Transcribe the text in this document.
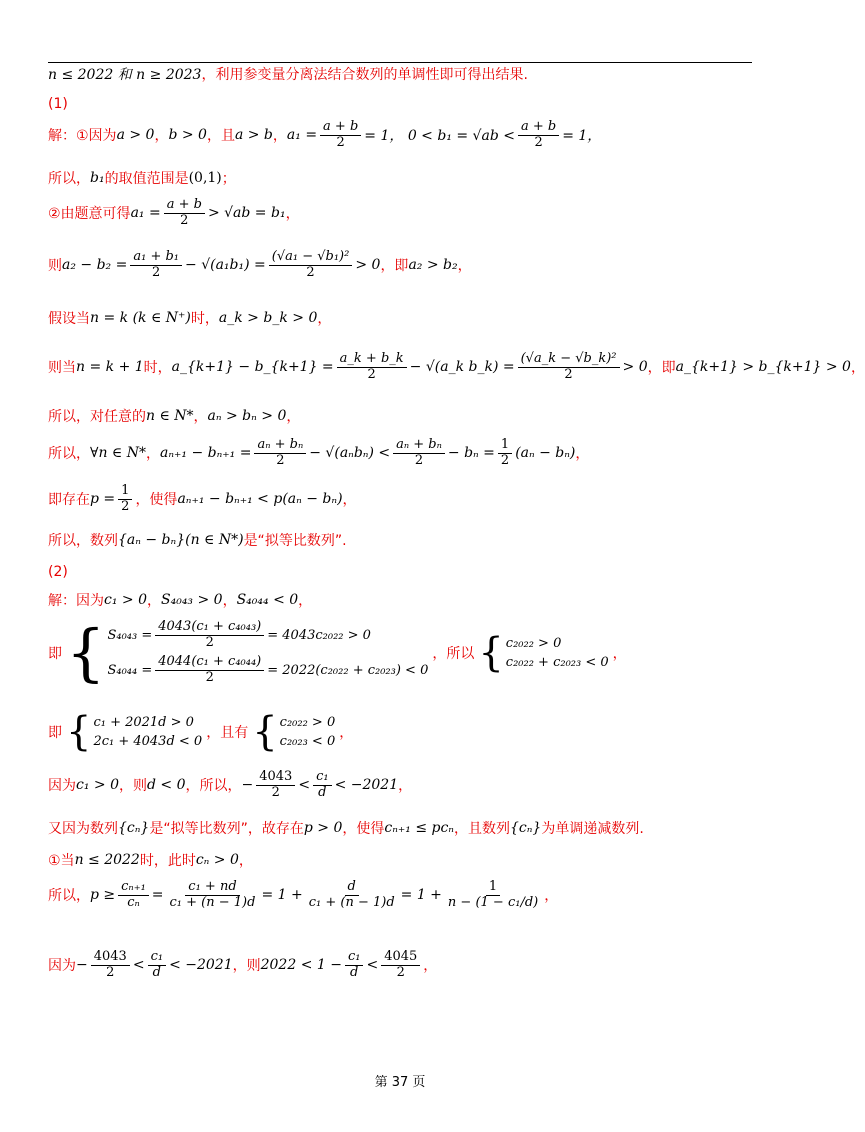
n ≤ 2022 和 n ≥ 2023 ，利用参变量分离法结合数列的单调性即可得出结果.
(1)
解：①因为 a > 0 ， b > 0 ，且 a > b ， $a_1 = \frac{a + b}{2} = 1$， $0 < b_1 = √ab < \frac{a + b}{2} = 1$，
所以， b₁ 的取值范围是 (0,1) ；
②由题意可得 $a_1 = \frac{a + b}{2} > √ab = b_1$ ，
则 $a_2 - b_2 = \frac{\text{a₁ + b₁}}{2} - √(a_1b_1) = \frac{\text{(√a₁ − √b₁)²}}{2} > 0$ ，即 a₂ > b₂ ，
假设当 n = k (k ∈ N⁺) 时， a_k > b_k > 0 ，
则当 n = k + 1 时， a_{k+1} − b_{k+1} = $\frac{a\_k + b\_k}{2}$ − √(a_k b_k) = $\frac{\text{(√a\_k − √b\_k)²}}{2} > 0$ ，即 a_{k+1} > b_{k+1} > 0 ，
所以，对任意的 n ∈ N* ， aₙ > bₙ > 0 ，
所以， ∀n ∈ N* ， $a_{n+1} - b_{n+1} = \frac{\text{aₙ + bₙ}}{2} - √(a_nb_n) < \frac{\text{aₙ + bₙ}}{2} - b_n = \frac{1}{2} (a_n - b_n)$ ，
即存在 $p = \frac{1}{2}$ ，使得 aₙ₊₁ − bₙ₊₁ < p(aₙ − bₙ) ，
所以，数列 {aₙ − bₙ}(n ∈ N*) 是“拟等比数列”.
(2)
解：因为 c₁ > 0 ， S₄₀₄₃ > 0 ， S₄₀₄₄ < 0 ，
即 { $S_{4043} = \frac{\text{4043(c₁ + c₄₀₄₃)}}{2} = 4043c_{2022} > 0$
$S_{4044} = \frac{\text{4044(c₁ + c₄₀₄₄)}}{2} = 2022(c_{2022} + c_{2023}) < 0$
，所以 { c₂₀₂₂ > 0
c₂₀₂₂ + c₂₀₂₃ < 0
，
即 { c₁ + 2021d > 0
2c₁ + 4043d < 0
，且有 { c₂₀₂₂ > 0
c₂₀₂₃ < 0
，
因为 c₁ > 0 ，则 d < 0 ，所以， − $\frac{4043}{2} < \frac{\text{c₁}}{d} < -2021$ ，
又因为数列 {cₙ} 是“拟等比数列”，故存在 p > 0 ，使得 cₙ₊₁ ≤ pcₙ ，且数列 {cₙ} 为单调递减数列.
①当 n ≤ 2022 时，此时 cₙ > 0 ，
所以， $p \ge \frac{\text{cₙ₊₁}}{\text{cₙ}} = \frac{\text{c₁ + nd}}{\text{c₁ + (n − 1)d}} = 1 + \frac{d}{\text{c₁ + (n − 1)d}} = 1 + \frac{1}{\text{n − (1 − c₁/d)}}$ ，
因为 − $\frac{4043}{2} < \frac{\text{c₁}}{d} < -2021$ ，则 $2022 < 1 - \frac{\text{c₁}}{d} < \frac{4045}{2}$ ，
第 37 页
